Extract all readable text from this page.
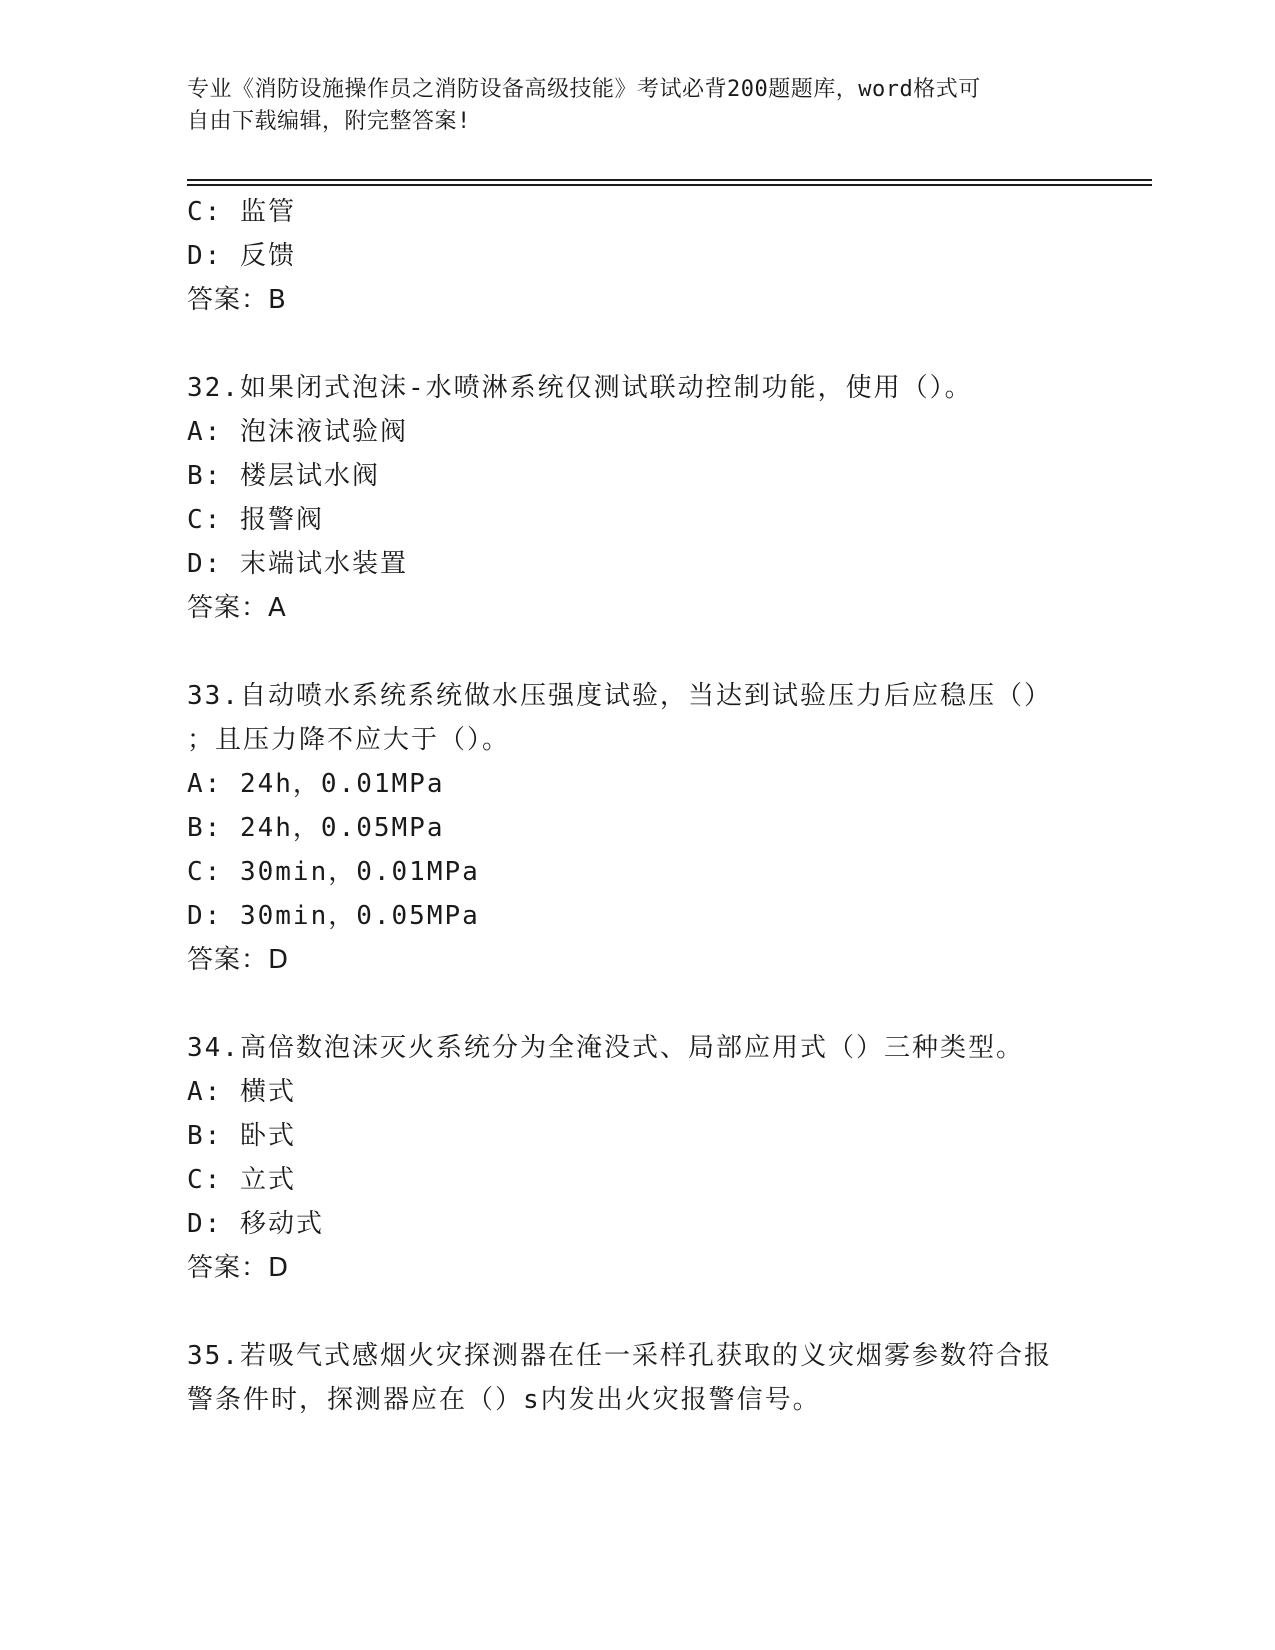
专业《消防设施操作员之消防设备高级技能》考试必背200题题库，word格式可
自由下载编辑，附完整答案!
C: 监管
D: 反馈
答案：B
32.如果闭式泡沫-水喷淋系统仅测试联动控制功能，使用（）。
A: 泡沫液试验阀
B: 楼层试水阀
C: 报警阀
D: 末端试水装置
答案：A
33.自动喷水系统系统做水压强度试验，当达到试验压力后应稳压（）
；且压力降不应大于（）。
A: 24h，0.01MPa
B: 24h，0.05MPa
C: 30min，0.01MPa
D: 30min，0.05MPa
答案：D
34.高倍数泡沫灭火系统分为全淹没式、局部应用式（）三种类型。
A: 横式
B: 卧式
C: 立式
D: 移动式
答案：D
35.若吸气式感烟火灾探测器在任一采样孔获取的义灾烟雾参数符合报
警条件时，探测器应在（）s内发出火灾报警信号。
